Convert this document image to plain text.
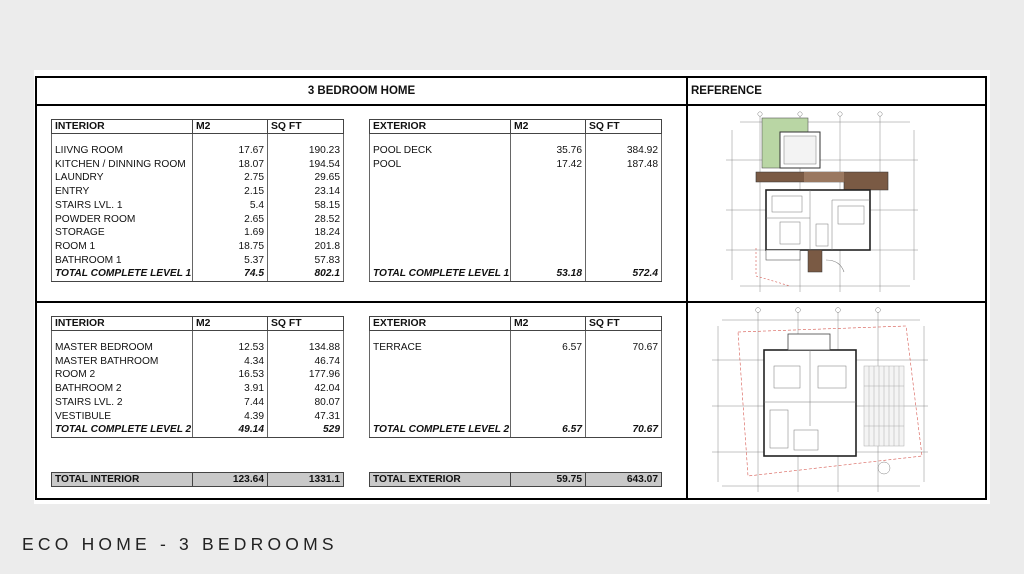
3 BEDROOM HOME	REFERENCE
INTERIOR	M2	SQ FT

LIIVNG ROOM	17.67	190.23
KITCHEN / DINNING ROOM	18.07	194.54
LAUNDRY	2.75	29.65
ENTRY	2.15	23.14
STAIRS LVL. 1	5.4	58.15
POWDER ROOM	2.65	28.52
STORAGE	1.69	18.24
ROOM 1	18.75	201.8
BATHROOM 1	5.37	57.83
TOTAL COMPLETE LEVEL 1	74.5	802.1
EXTERIOR	M2	SQ FT

POOL DECK	35.76	384.92
POOL	17.42	187.48

TOTAL COMPLETE LEVEL 1	53.18	572.4
INTERIOR	M2	SQ FT

MASTER BEDROOM	12.53	134.88
MASTER BATHROOM	4.34	46.74
ROOM 2	16.53	177.96
BATHROOM 2	3.91	42.04
STAIRS LVL. 2	7.44	80.07
VESTIBULE	4.39	47.31
TOTAL COMPLETE LEVEL 2	49.14	529
EXTERIOR	M2	SQ FT

TERRACE	6.57	70.67

TOTAL COMPLETE LEVEL 2	6.57	70.67
TOTAL INTERIOR	123.64	1331.1	TOTAL EXTERIOR	59.75	643.07
ECO HOME - 3 BEDROOMS
